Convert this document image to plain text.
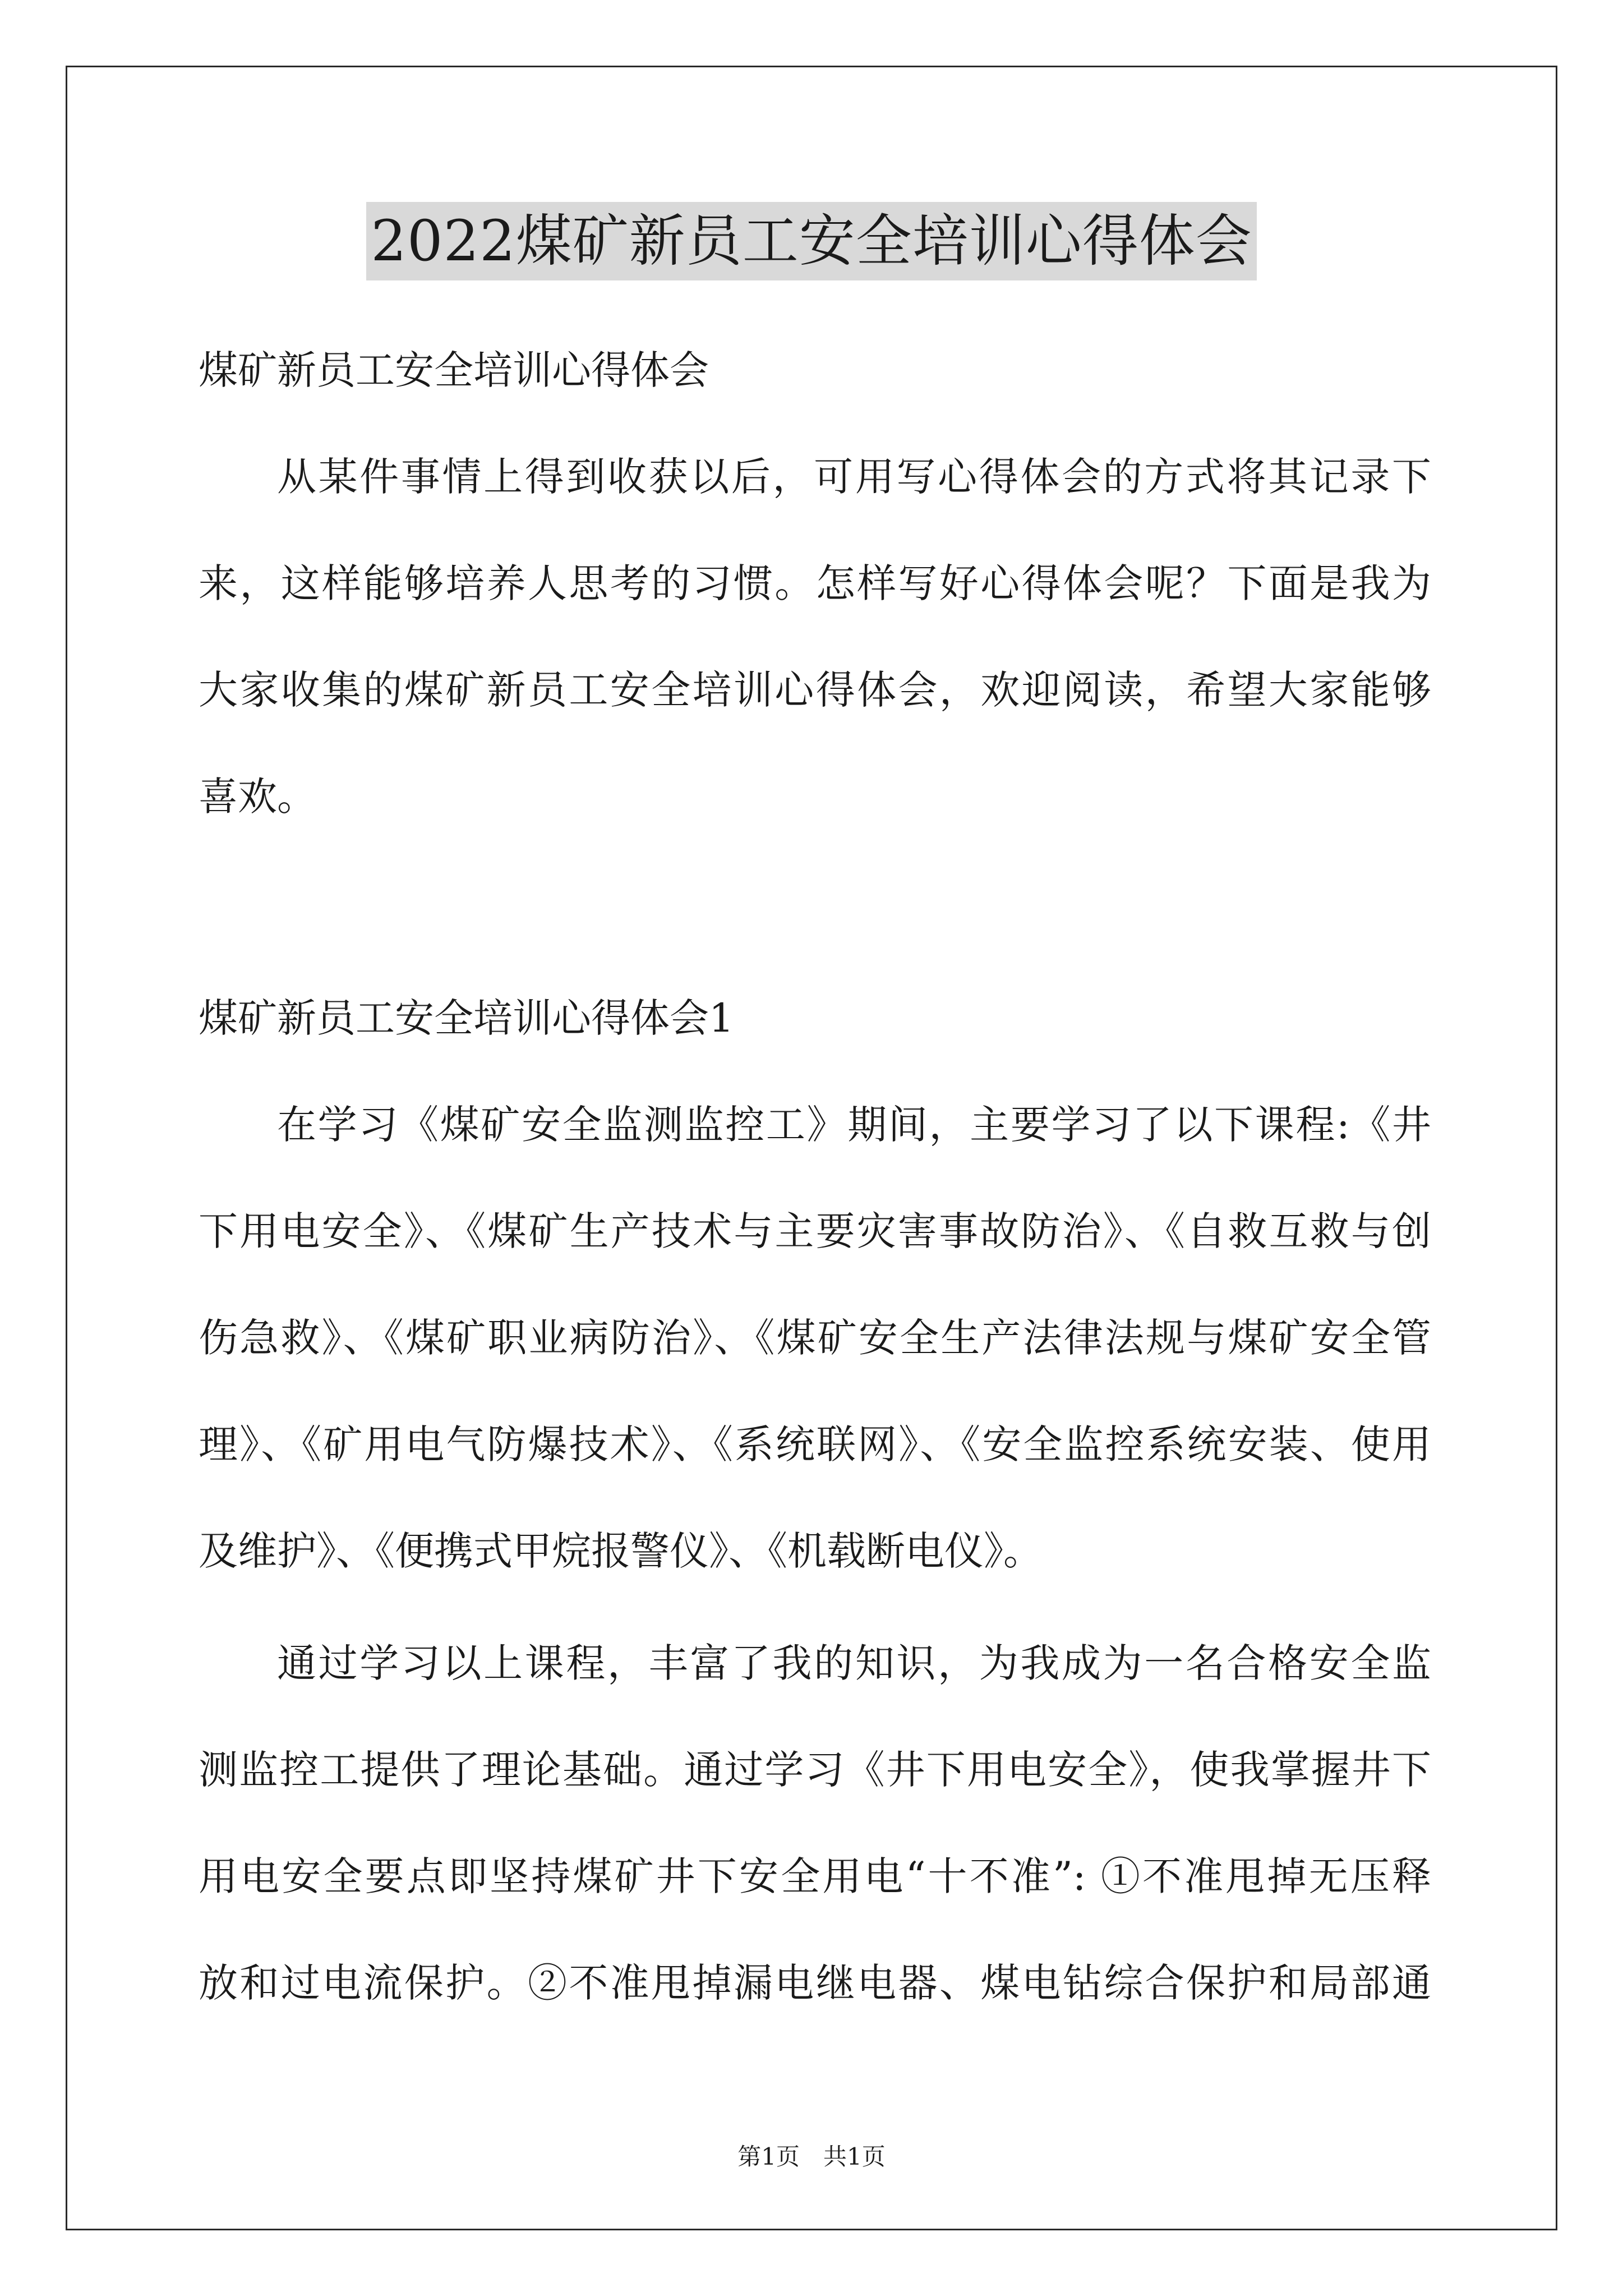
2022煤矿新员工安全培训心得体会
煤矿新员工安全培训心得体会
从某件事情上得到收获以后，可用写心得体会的方式将其记录下
来，这样能够培养人思考的习惯。怎样写好心得体会呢？下面是我为
大家收集的煤矿新员工安全培训心得体会，欢迎阅读，希望大家能够
喜欢。
煤矿新员工安全培训心得体会1
在学习《煤矿安全监测监控工》期间，主要学习了以下课程:《井
下用电安全》、《煤矿生产技术与主要灾害事故防治》、《自救互救与创
伤急救》、《煤矿职业病防治》、《煤矿安全生产法律法规与煤矿安全管
理》、《矿用电气防爆技术》、《系统联网》、《安全监控系统安装、使用
及维护》、《便携式甲烷报警仪》、《机载断电仪》。
通过学习以上课程，丰富了我的知识，为我成为一名合格安全监
测监控工提供了理论基础。通过学习《井下用电安全》，使我掌握井下
用电安全要点即坚持煤矿井下安全用电“十不准”: ①不准甩掉无压释
放和过电流保护。②不准甩掉漏电继电器、煤电钻综合保护和局部通
第1页　共1页
